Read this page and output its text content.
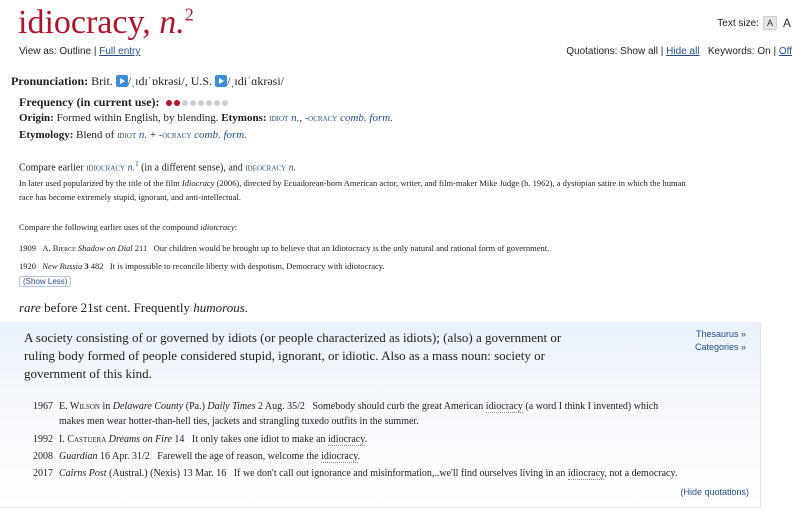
idiocracy, n.$^2$
View as: Outline | Full entry
Text size: A A
Quotations: Show all | Hide all Keywords: On | Off
Pronunciation: Brit. /ˌɪdɪˈɒkrəsi/, U.S. /ˌɪdiˈɑkrəsi/
Frequency (in current use):
Origin: Formed within English, by blending. Etymons: idiot n., -ocracy comb. form.
Etymology: Blend of idiot n. + -ocracy comb. form.
Compare earlier idiocracy n.$^1$ (in a different sense), and ideocracy n.
In later used popularized by the title of the film Idiocracy (2006), directed by Ecuadorean-born American actor, writer, and film-maker Mike Judge (b. 1962), a dystopian satire in which the human
race has become extremely stupid, ignorant, and anti-intellectual.
Compare the following earlier uses of the compound idiotcracy:
1909 A. Bierce Shadow on Dial 211 Our children would be brought up to believe that an Idiotocracy is the only natural and rational form of government.
1920 New Russia 3 482 It is impossible to reconcile liberty with despotism, Democracy with idiotocracy.
(Show Less)
rare before 21st cent. Frequently humorous.
A society consisting of or governed by idiots (or people characterized as idiots); (also) a government or
ruling body formed of people considered stupid, ignorant, or idiotic. Also as a mass noun: society or
government of this kind.
Thesaurus »
Categories »
1967 E. Wilson in Delaware County (Pa.) Daily Times 2 Aug. 35/2 Somebody should curb the great American idiocracy (a word I think I invented) which
makes men wear hotter-than-hell ties, jackets and strangling tuxedo outfits in the summer.
1992 I. Castuera Dreams on Fire 14 It only takes one idiot to make an idiocracy.
2008 Guardian 16 Apr. 31/2 Farewell the age of reason, welcome the idiocracy.
2017 Cairns Post (Austral.) (Nexis) 13 Mar. 16 If we don't call out ignorance and misinformation,..we'll find ourselves living in an idiocracy, not a democracy.
(Hide quotations)
